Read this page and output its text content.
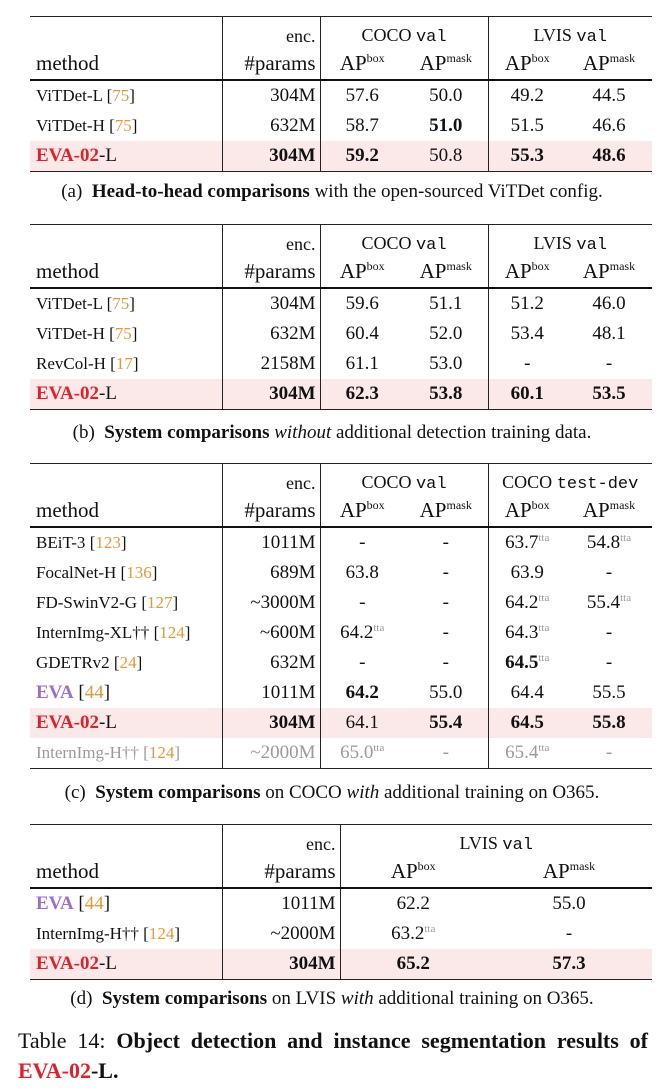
	enc.	COCO val		LVIS val	
method	#params	$AP^{box}$	$AP^{mask}$	$AP^{box}$	$AP^{mask}$
ViTDet-L [75]	304M	57.6	50.0	49.2	44.5
ViTDet-H [75]	632M	58.7	51.0	51.5	46.6
EVA-02-L	304M	59.2	50.8	55.3	48.6
(a) Head-to-head comparisons with the open-sourced ViTDet config.
	enc.	COCO val		LVIS val	
method	#params	$AP^{box}$	$AP^{mask}$	$AP^{box}$	$AP^{mask}$
ViTDet-L [75]	304M	59.6	51.1	51.2	46.0
ViTDet-H [75]	632M	60.4	52.0	53.4	48.1
RevCol-H [17]	2158M	61.1	53.0	-	-
EVA-02-L	304M	62.3	53.8	60.1	53.5
(b) System comparisons without additional detection training data.
	enc.	COCO val		COCO test-dev	
method	#params	$AP^{box}$	$AP^{mask}$	$AP^{box}$	$AP^{mask}$
BEiT-3 [123]	1011M	-	-	$63.7^{tta}$	$54.8^{tta}$
FocalNet-H [136]	689M	63.8	-	63.9	-
FD-SwinV2-G [127]	~3000M	-	-	$64.2^{tta}$	$55.4^{tta}$
InternImg-XL†† [124]	~600M	$64.2^{tta}$	-	$64.3^{tta}$	-
GDETRv2 [24]	632M	-	-	$64.5^{tta}$	-
EVA [44]	1011M	64.2	55.0	64.4	55.5
EVA-02-L	304M	64.1	55.4	64.5	55.8
InternImg-H†† [124]	~2000M	$65.0^{tta}$	-	$65.4^{tta}$	-
(c) System comparisons on COCO with additional training on O365.
	enc.	LVIS val	
method	#params	$AP^{box}$	$AP^{mask}$
EVA [44]	1011M	62.2	55.0
InternImg-H†† [124]	~2000M	$63.2^{tta}$	-
EVA-02-L	304M	65.2	57.3
(d) System comparisons on LVIS with additional training on O365.
Table 14: Object detection and instance segmentation results of EVA-02-L.
